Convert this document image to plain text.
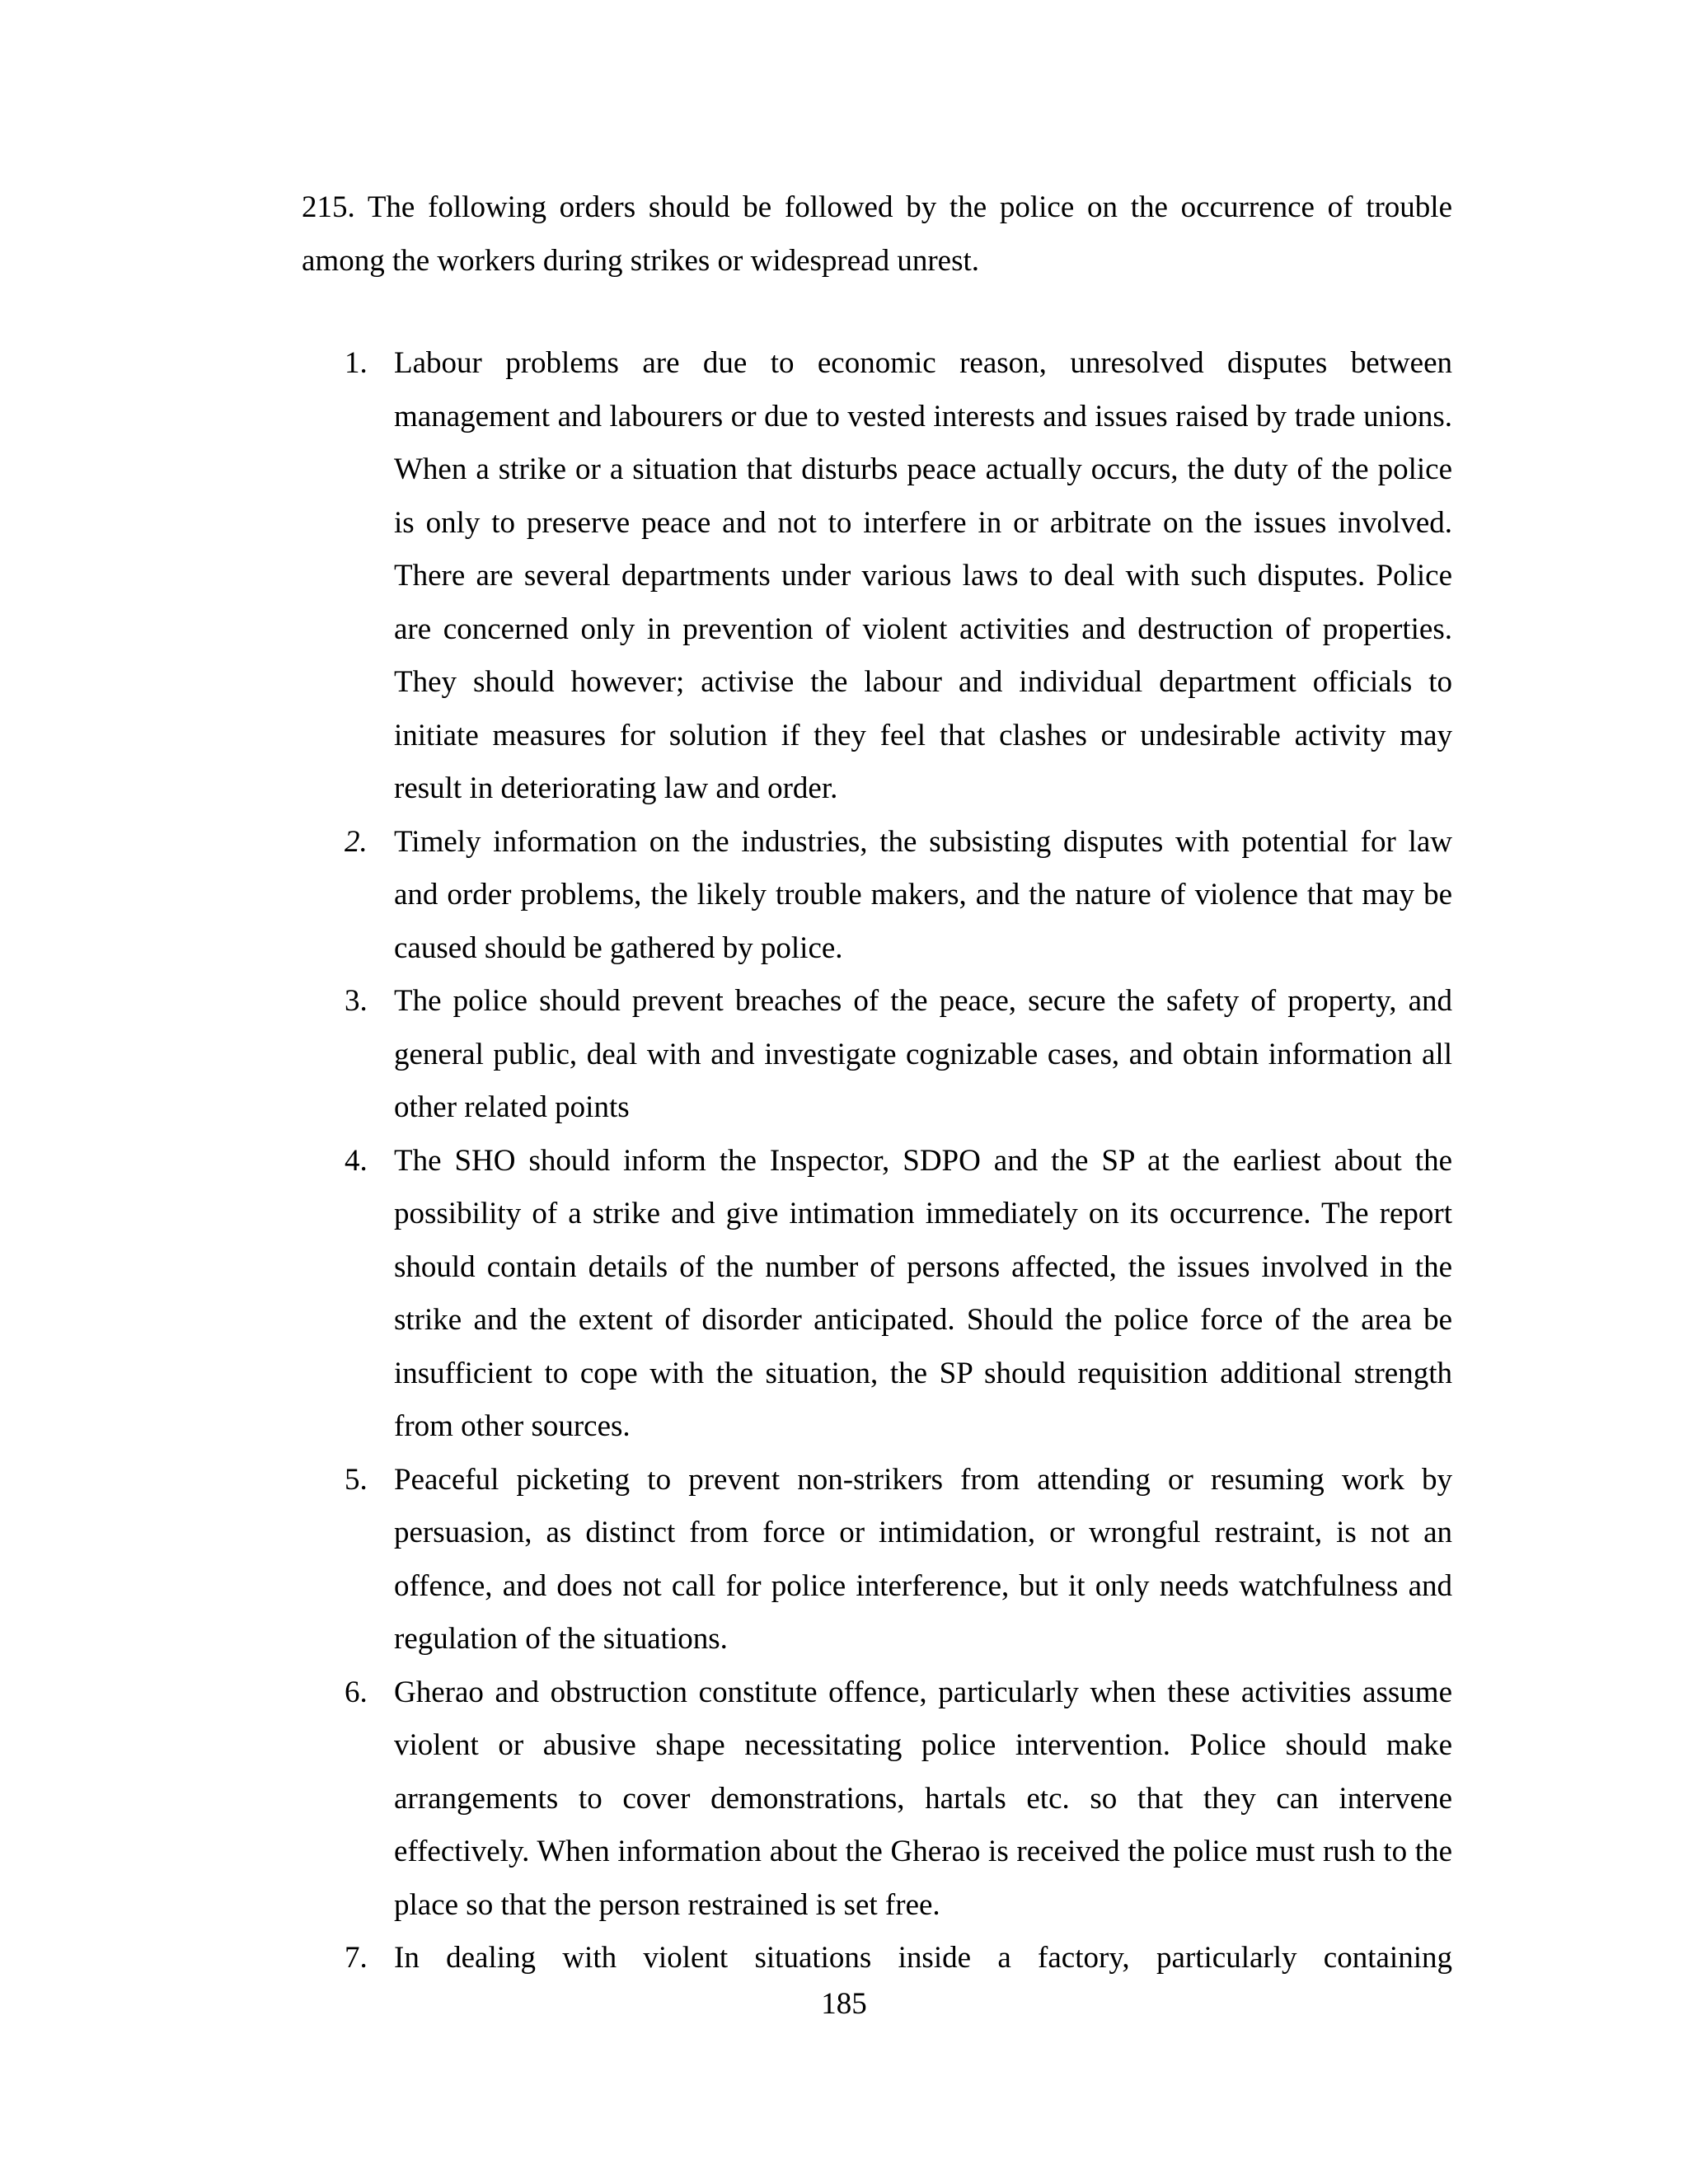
215. The following orders should be followed by the police on the occurrence of trouble among the workers during strikes or widespread unrest.

1. Labour problems are due to economic reason, unresolved disputes between management and labourers or due to vested interests and issues raised by trade unions. When a strike or a situation that disturbs peace actually occurs, the duty of the police is only to preserve peace and not to interfere in or arbitrate on the issues involved. There are several departments under various laws to deal with such disputes. Police are concerned only in prevention of violent activities and destruction of properties. They should however; activise the labour and individual department officials to initiate measures for solution if they feel that clashes or undesirable activity may result in deteriorating law and order.
2. Timely information on the industries, the subsisting disputes with potential for law and order problems, the likely trouble makers, and the nature of violence that may be caused should be gathered by police.
3. The police should prevent breaches of the peace, secure the safety of property, and general public, deal with and investigate cognizable cases, and obtain information all other related points
4. The SHO should inform the Inspector, SDPO and the SP at the earliest about the possibility of a strike and give intimation immediately on its occurrence. The report should contain details of the number of persons affected, the issues involved in the strike and the extent of disorder anticipated. Should the police force of the area be insufficient to cope with the situation, the SP should requisition additional strength from other sources.
5. Peaceful picketing to prevent non-strikers from attending or resuming work by persuasion, as distinct from force or intimidation, or wrongful restraint, is not an offence, and does not call for police interference, but it only needs watchfulness and regulation of the situations.
6. Gherao and obstruction constitute offence, particularly when these activities assume violent or abusive shape necessitating police intervention. Police should make arrangements to cover demonstrations, hartals etc. so that they can intervene effectively. When information about the Gherao is received the police must rush to the place so that the person restrained is set free.
7. In dealing with violent situations inside a factory, particularly containing

185
